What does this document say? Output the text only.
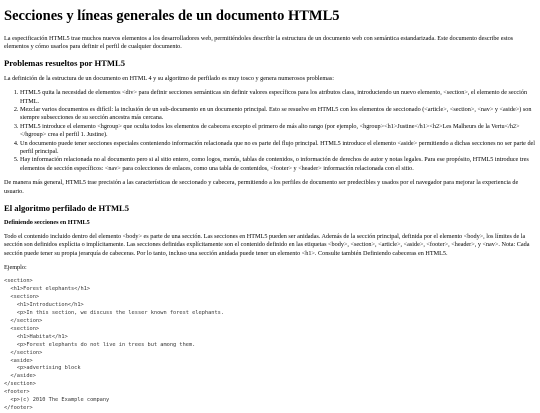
Secciones y líneas generales de un documento HTML5

La especificación HTML5 trae muchos nuevos elementos a los desarrolladores web, permitiéndoles describir la estructura de un documento web con semántica estandarizada. Este documento describe estos elementos y cómo usarlos para definir el perfil de cualquier documento.

Problemas resueltos por HTML5

La definición de la estructura de un documento en HTML 4 y su algoritmo de perfilado es muy tosco y genera numerosos problemas:

1. HTML5 quita la necesidad de elementos <div> para definir secciones semánticas sin definir valores específicos para los atributos class, introduciendo un nuevo elemento, <section>, el elemento de sección HTML.
2. Mezclar varios documentos es difícil: la inclusión de un sub-documento en un documento principal. Esto se resuelve en HTML5 con los elementos de seccionado (<article>, <section>, <nav> y <aside>) son siempre subsecciones de su sección ancestra más cercana.
3. HTML5 introduce el elemento <hgroup> que oculta todos los elementos de cabecera excepto el primero de más alto rango (por ejemplo, <hgroup><h1>Justine</h1><h2>Les Malheurs de la Vertu</h2></hgroup> crea el perfil 1. Justine).
4. Un documento puede tener secciones especiales conteniendo información relacionada que no es parte del flujo principal. HTML5 introduce el elemento <aside> permitiendo a dichas secciones no ser parte del perfil principal.
5. Hay información relacionada no al documento pero si al sitio entero, como logos, menús, tablas de contenidos, o información de derechos de autor y notas legales. Para ese propósito, HTML5 introduce tres elementos de sección específicos: <nav> para colecciones de enlaces, como una tabla de contenidos, <footer> y <header> información relacionada con el sitio.

De manera más general, HTML5 trae precisión a las características de seccionado y cabecera, permitiendo a los perfiles de documento ser predecibles y usados por el navegador para mejorar la experiencia de usuario.

El algoritmo perfilado de HTML5
Definiendo secciones en HTML5

Todo el contenido incluido dentro del elemento <body> es parte de una sección. Las secciones en HTML5 pueden ser anidadas. Además de la sección principal, definida por el elemento <body>, los límites de la sección son definidos explícita o implícitamente. Las secciones definidas explícitamente son el contenido definido en las etiquetas <body>, <section>, <article>, <aside>, <footer>, <header>, y <nav>. Nota: Cada sección puede tener su propia jerarquía de cabeceras. Por lo tanto, incluso una sección anidada puede tener un elemento <h1>. Consulte también Definiendo cabeceras en HTML5.

Ejemplo:

<section>
<h1>Forest elephants</h1>
<section>
<h1>Introduction</h1>
<p>In this section, we discuss the lesser known forest elephants.
</section>
<section>
<h1>Habitat</h1>
<p>Forest elephants do not live in trees but among them.
</section>
<aside>
<p>advertising block
</aside>
</section>
<footer>
<p>(c) 2010 The Example company
</footer>
